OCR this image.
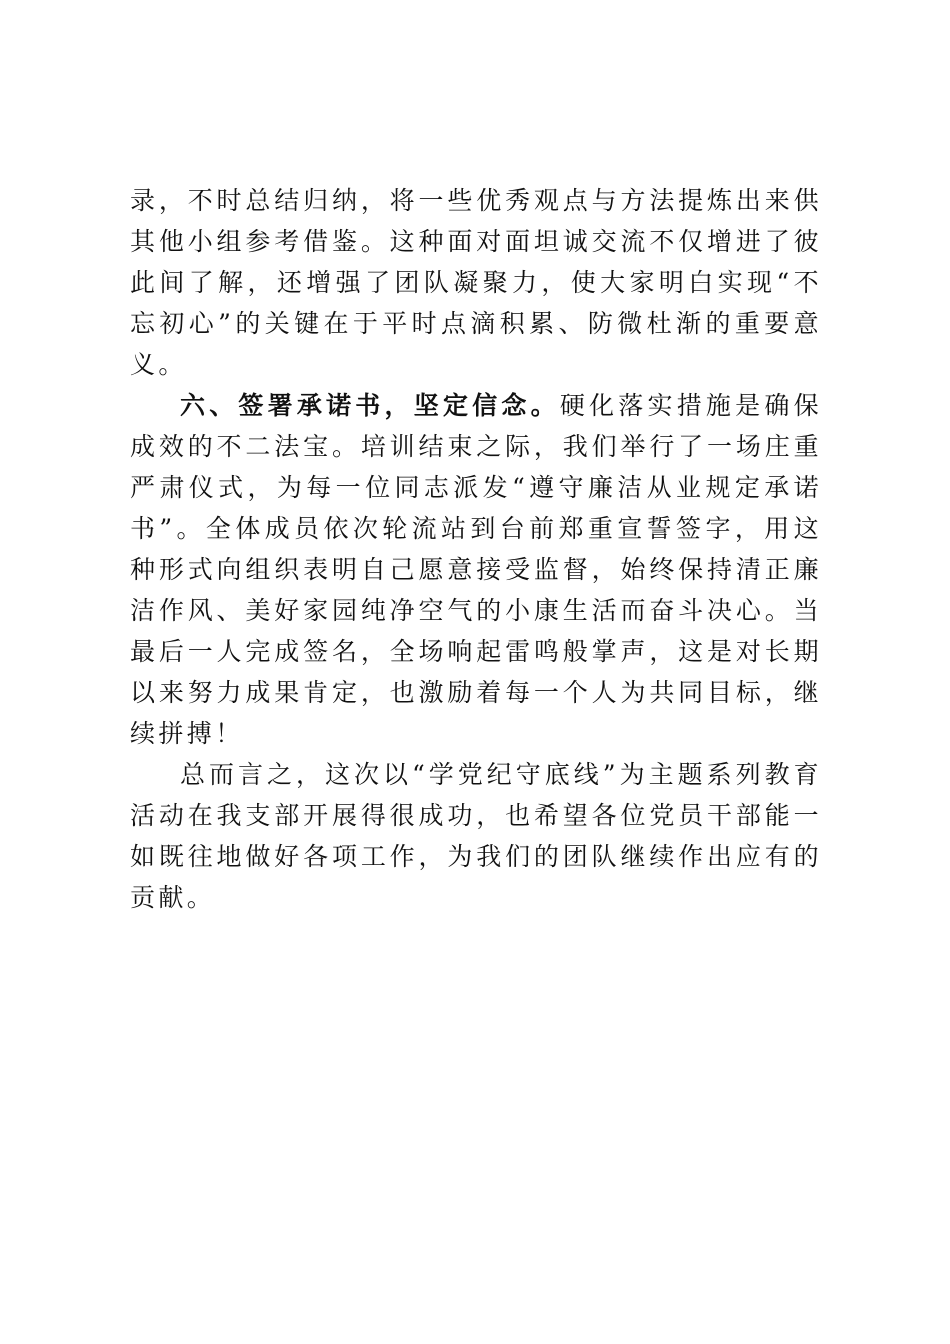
录，不时总结归纳，将一些优秀观点与方法提炼出来供其他小组参考借鉴。这种面对面坦诚交流不仅增进了彼此间了解，还增强了团队凝聚力，使大家明白实现“不忘初心”的关键在于平时点滴积累、防微杜渐的重要意义。

六、签署承诺书，坚定信念。硬化落实措施是确保成效的不二法宝。培训结束之际，我们举行了一场庄重严肃仪式，为每一位同志派发“遵守廉洁从业规定承诺书”。全体成员依次轮流站到台前郑重宣誓签字，用这种形式向组织表明自己愿意接受监督，始终保持清正廉洁作风、美好家园纯净空气的小康生活而奋斗决心。当最后一人完成签名，全场响起雷鸣般掌声，这是对长期以来努力成果肯定，也激励着每一个人为共同目标，继续拼搏！

总而言之，这次以“学党纪守底线”为主题系列教育活动在我支部开展得很成功，也希望各位党员干部能一如既往地做好各项工作，为我们的团队继续作出应有的贡献。
